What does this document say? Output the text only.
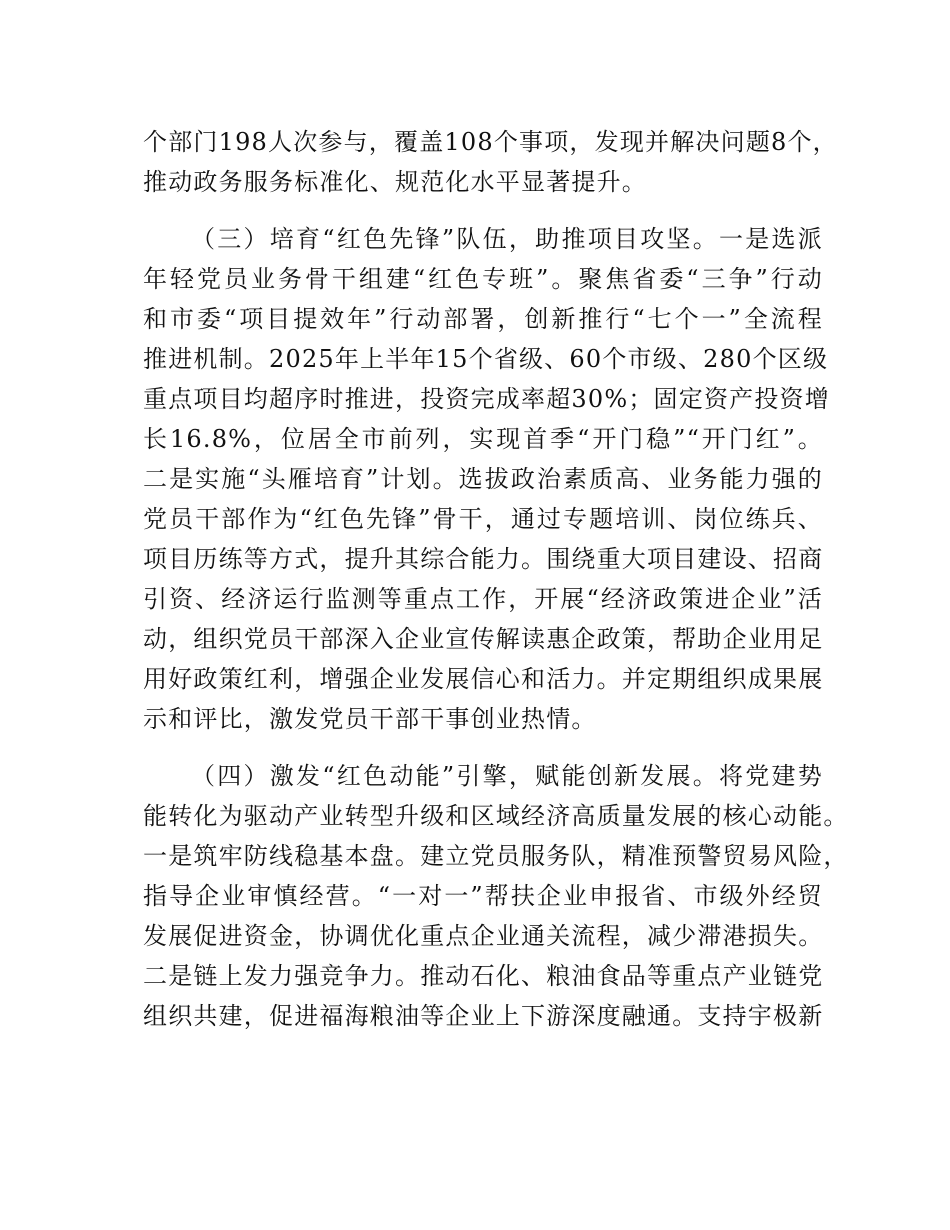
个部门198人次参与，覆盖108个事项，发现并解决问题8个，
推动政务服务标准化、规范化水平显著提升。
（三）培育“红色先锋”队伍，助推项目攻坚。一是选派
年轻党员业务骨干组建“红色专班”。聚焦省委“三争”行动
和市委“项目提效年”行动部署，创新推行“七个一”全流程
推进机制。2025年上半年15个省级、60个市级、280个区级
重点项目均超序时推进，投资完成率超30%；固定资产投资增
长16.8%，位居全市前列，实现首季“开门稳”“开门红”。
二是实施“头雁培育”计划。选拔政治素质高、业务能力强的
党员干部作为“红色先锋”骨干，通过专题培训、岗位练兵、
项目历练等方式，提升其综合能力。围绕重大项目建设、招商
引资、经济运行监测等重点工作，开展“经济政策进企业”活
动，组织党员干部深入企业宣传解读惠企政策，帮助企业用足
用好政策红利，增强企业发展信心和活力。并定期组织成果展
示和评比，激发党员干部干事创业热情。
（四）激发“红色动能”引擎，赋能创新发展。将党建势
能转化为驱动产业转型升级和区域经济高质量发展的核心动能。
一是筑牢防线稳基本盘。建立党员服务队，精准预警贸易风险，
指导企业审慎经营。“一对一”帮扶企业申报省、市级外经贸
发展促进资金，协调优化重点企业通关流程，减少滞港损失。
二是链上发力强竞争力。推动石化、粮油食品等重点产业链党
组织共建，促进福海粮油等企业上下游深度融通。支持宇极新
